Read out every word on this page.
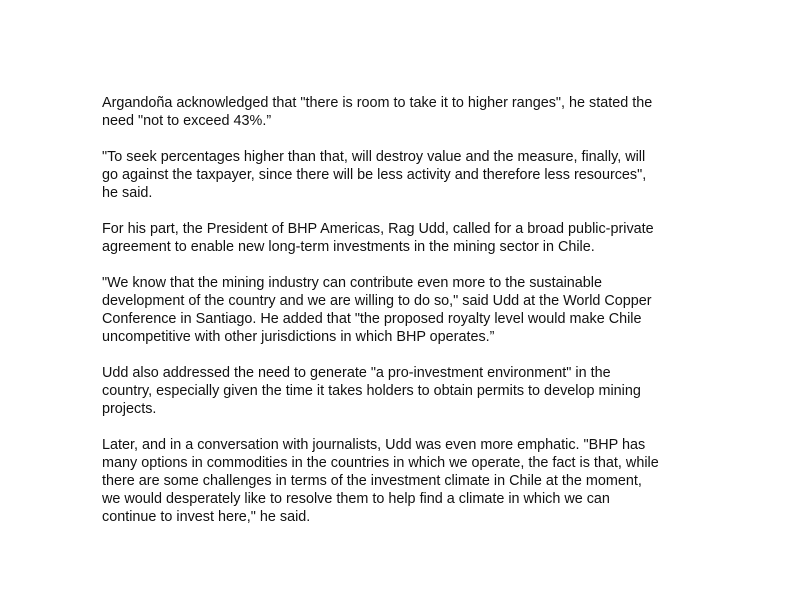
Argandoña acknowledged that "there is room to take it to higher ranges", he stated the
need "not to exceed 43%.”

"To seek percentages higher than that, will destroy value and the measure, finally, will
go against the taxpayer, since there will be less activity and therefore less resources",
he said.

For his part, the President of BHP Americas, Rag Udd, called for a broad public-private
agreement to enable new long-term investments in the mining sector in Chile.

"We know that the mining industry can contribute even more to the sustainable
development of the country and we are willing to do so," said Udd at the World Copper
Conference in Santiago. He added that "the proposed royalty level would make Chile
uncompetitive with other jurisdictions in which BHP operates.”

Udd also addressed the need to generate "a pro-investment environment" in the
country, especially given the time it takes holders to obtain permits to develop mining
projects.

Later, and in a conversation with journalists, Udd was even more emphatic. "BHP has
many options in commodities in the countries in which we operate, the fact is that, while
there are some challenges in terms of the investment climate in Chile at the moment,
we would desperately like to resolve them to help find a climate in which we can
continue to invest here," he said.
